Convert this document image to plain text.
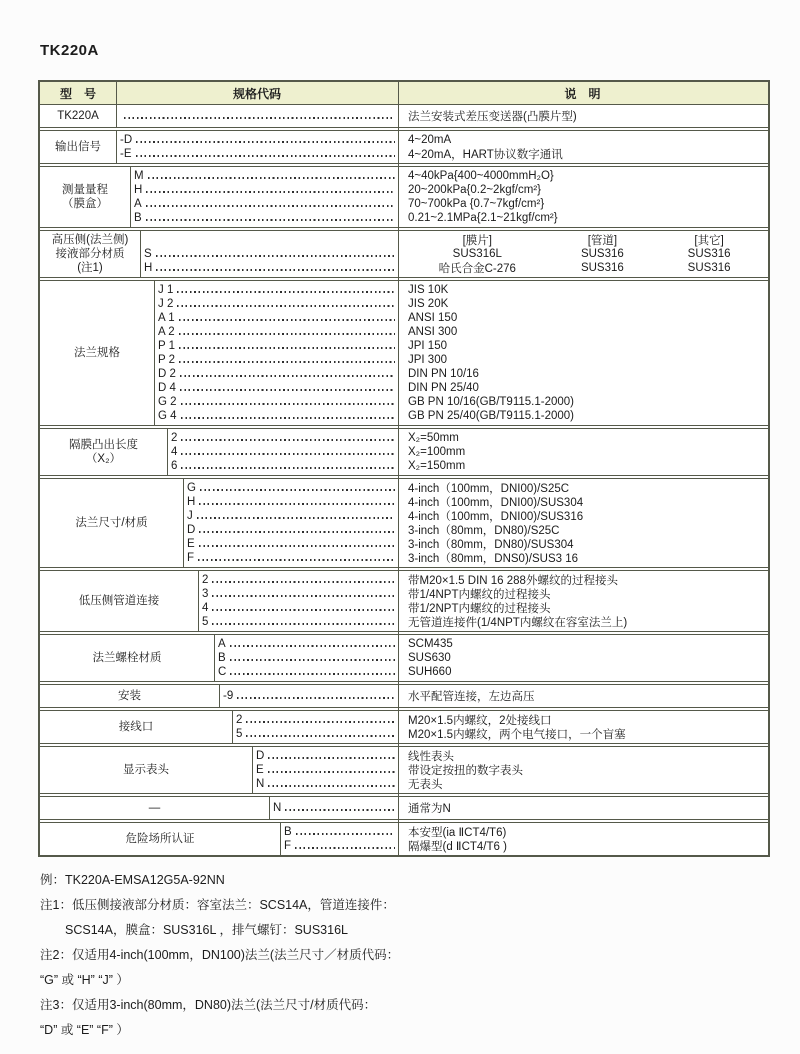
TK220A
型　号	规格代码	说　明
TK220A	法兰安装式差压变送器(凸膜片型)
输出信号
-D	4~20mA
-E	4~20mA，HART协议数字通讯
测量量程
（膜盒）
M	4~40kPa{400~4000mmH₂O}
H	20~200kPa{0.2~2kgf/cm²}
A	70~700kPa {0.7~7kgf/cm²}
B	0.21~2.1MPa{2.1~21kgf/cm²}
高压侧(法兰侧)
接液部分材质
(注1)
[膜片]	[管道]	[其它]
S	SUS316L	SUS316	SUS316
H	哈氏合金C-276	SUS316	SUS316
法兰规格
J 1	JIS 10K
J 2	JIS 20K
A 1	ANSI 150
A 2	ANSI 300
P 1	JPI 150
P 2	JPI 300
D 2	DIN PN 10/16
D 4	DIN PN 25/40
G 2	GB PN 10/16(GB/T9115.1-2000)
G 4	GB PN 25/40(GB/T9115.1-2000)
隔膜凸出长度
（X₂）
2	X₂=50mm
4	X₂=100mm
6	X₂=150mm
法兰尺寸/材质
G	4-inch（100mm，DNI00)/S25C
H	4-inch（100mm，DNI00)/SUS304
J	4-inch（100mm，DNI00)/SUS316
D	3-inch（80mm，DN80)/S25C
E	3-inch（80mm，DN80)/SUS304
F	3-inch（80mm，DNS0)/SUS3 16
低压侧管道连接
2	带M20×1.5 DIN 16 288外螺纹的过程接头
3	带1/4NPT内螺纹的过程接头
4	带1/2NPT内螺纹的过程接头
5	无管道连接件(1/4NPT内螺纹在容室法兰上)
法兰螺栓材质
A	SCM435
B	SUS630
C	SUH660
安装	-9	水平配管连接，左边高压
接线口
2	M20×1.5内螺纹，2处接线口
5	M20×1.5内螺纹，两个电气接口，一个盲塞
显示表头
D	线性表头
E	带设定按扭的数字表头
N	无表头
—	N	通常为N
危险场所认证
B	本安型(ia ⅡCT4/T6)
F	隔爆型(d ⅡCT4/T6 )
例：TK220A-EMSA12G5A-92NN
注1：低压侧接液部分材质：容室法兰：SCS14A，管道连接件：
SCS14A，膜盒：SUS316L ，排气螺钉：SUS316L
注2：仅适用4-inch(100mm，DN100)法兰(法兰尺寸／材质代码：
“G” 或 “H” “J” ）
注3：仅适用3-inch(80mm，DN80)法兰(法兰尺寸/材质代码：
“D” 或 “E” “F” ）
